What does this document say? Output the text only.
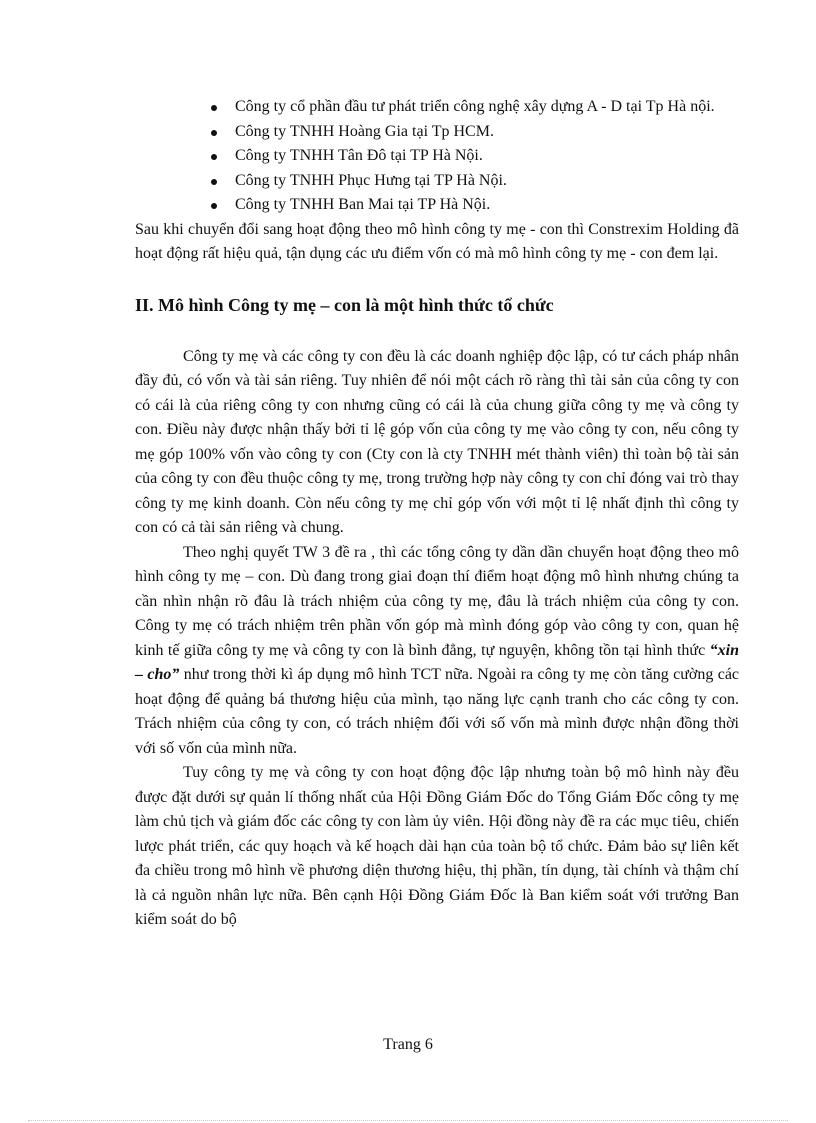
Công ty cổ phần đầu tư phát triển công nghệ xây dựng A - D tại Tp Hà nội.
Công ty TNHH Hoàng Gia tại Tp HCM.
Công ty TNHH Tân Đô tại TP Hà Nội.
Công ty TNHH Phục Hưng tại TP Hà Nội.
Công ty TNHH Ban Mai tại TP Hà Nội.

Sau khi chuyển đổi sang hoạt động theo mô hình công ty mẹ - con thì Constrexim Holding đã hoạt động rất hiệu quả, tận dụng các ưu điểm vốn có mà mô hình công ty mẹ - con đem lại.

II. Mô hình Công ty mẹ – con là một hình thức tổ chức

Công ty mẹ và các công ty con đều là các doanh nghiệp độc lập, có tư cách pháp nhân đầy đủ, có vốn và tài sản riêng. Tuy nhiên để nói một cách rõ ràng thì tài sản của công ty con có cái là của riêng công ty con nhưng cũng có cái là của chung giữa công ty mẹ và công ty con. Điều này được nhận thấy bởi tỉ lệ góp vốn của công ty mẹ vào công ty con, nếu công ty mẹ góp 100% vốn vào công ty con (Cty con là cty TNHH mét thành viên) thì toàn bộ tài sản của công ty con đều thuộc công ty mẹ, trong trường hợp này công ty con chỉ đóng vai trò thay công ty mẹ kinh doanh. Còn nếu công ty mẹ chỉ góp vốn với một tỉ lệ nhất định thì công ty con có cả tài sản riêng và chung.

Theo nghị quyết TW 3 đề ra , thì các tổng công ty dần dần chuyển hoạt động theo mô hình công ty mẹ – con. Dù đang trong giai đoạn thí điểm hoạt động mô hình nhưng chúng ta cần nhìn nhận rõ đâu là trách nhiệm của công ty mẹ, đâu là trách nhiệm của công ty con. Công ty mẹ có trách nhiệm trên phần vốn góp mà mình đóng góp vào công ty con, quan hệ kinh tế giữa công ty mẹ và công ty con là bình đẳng, tự nguyện, không tồn tại hình thức “xin – cho” như trong thời kì áp dụng mô hình TCT nữa. Ngoài ra công ty mẹ còn tăng cường các hoạt động để quảng bá thương hiệu của mình, tạo năng lực cạnh tranh cho các công ty con. Trách nhiệm của công ty con, có trách nhiệm đối với số vốn mà mình được nhận đồng thời với số vốn của mình nữa.

Tuy công ty mẹ và công ty con hoạt động độc lập nhưng toàn bộ mô hình này đều được đặt dưới sự quản lí thống nhất của Hội Đồng Giám Đốc do Tổng Giám Đốc công ty mẹ làm chủ tịch và giám đốc các công ty con làm ủy viên. Hội đồng này đề ra các mục tiêu, chiến lược phát triển, các quy hoạch và kế hoạch dài hạn của toàn bộ tổ chức. Đảm bảo sự liên kết đa chiều trong mô hình về phương diện thương hiệu, thị phần, tín dụng, tài chính và thậm chí là cả nguồn nhân lực nữa. Bên cạnh Hội Đồng Giám Đốc là Ban kiểm soát với trưởng Ban kiểm soát do bộ

Trang 6
